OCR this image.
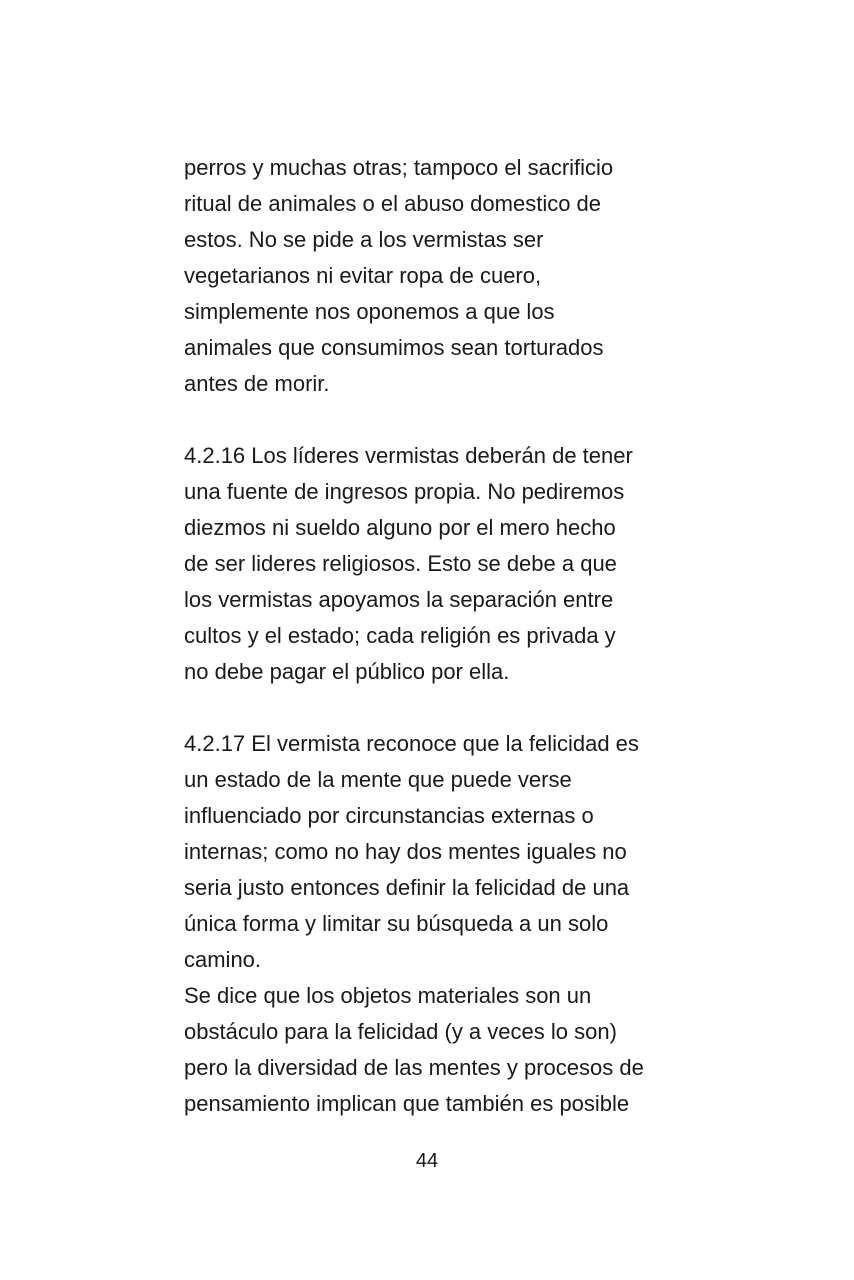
perros y muchas otras; tampoco el sacrificio
ritual de animales o el abuso domestico de
estos. No se pide a los vermistas ser
vegetarianos ni evitar ropa de cuero,
simplemente nos oponemos a que los
animales que consumimos sean torturados
antes de morir.
4.2.16 Los líderes vermistas deberán de tener
una fuente de ingresos propia. No pediremos
diezmos ni sueldo alguno por el mero hecho
de ser lideres religiosos. Esto se debe a que
los vermistas apoyamos la separación entre
cultos y el estado; cada religión es privada y
no debe pagar el público por ella.
4.2.17 El vermista reconoce que la felicidad es
un estado de la mente que puede verse
influenciado por circunstancias externas o
internas; como no hay dos mentes iguales no
seria justo entonces definir la felicidad de una
única forma y limitar su búsqueda a un solo
camino.
Se dice que los objetos materiales son un
obstáculo para la felicidad (y a veces lo son)
pero la diversidad de las mentes y procesos de
pensamiento implican que también es posible
44
